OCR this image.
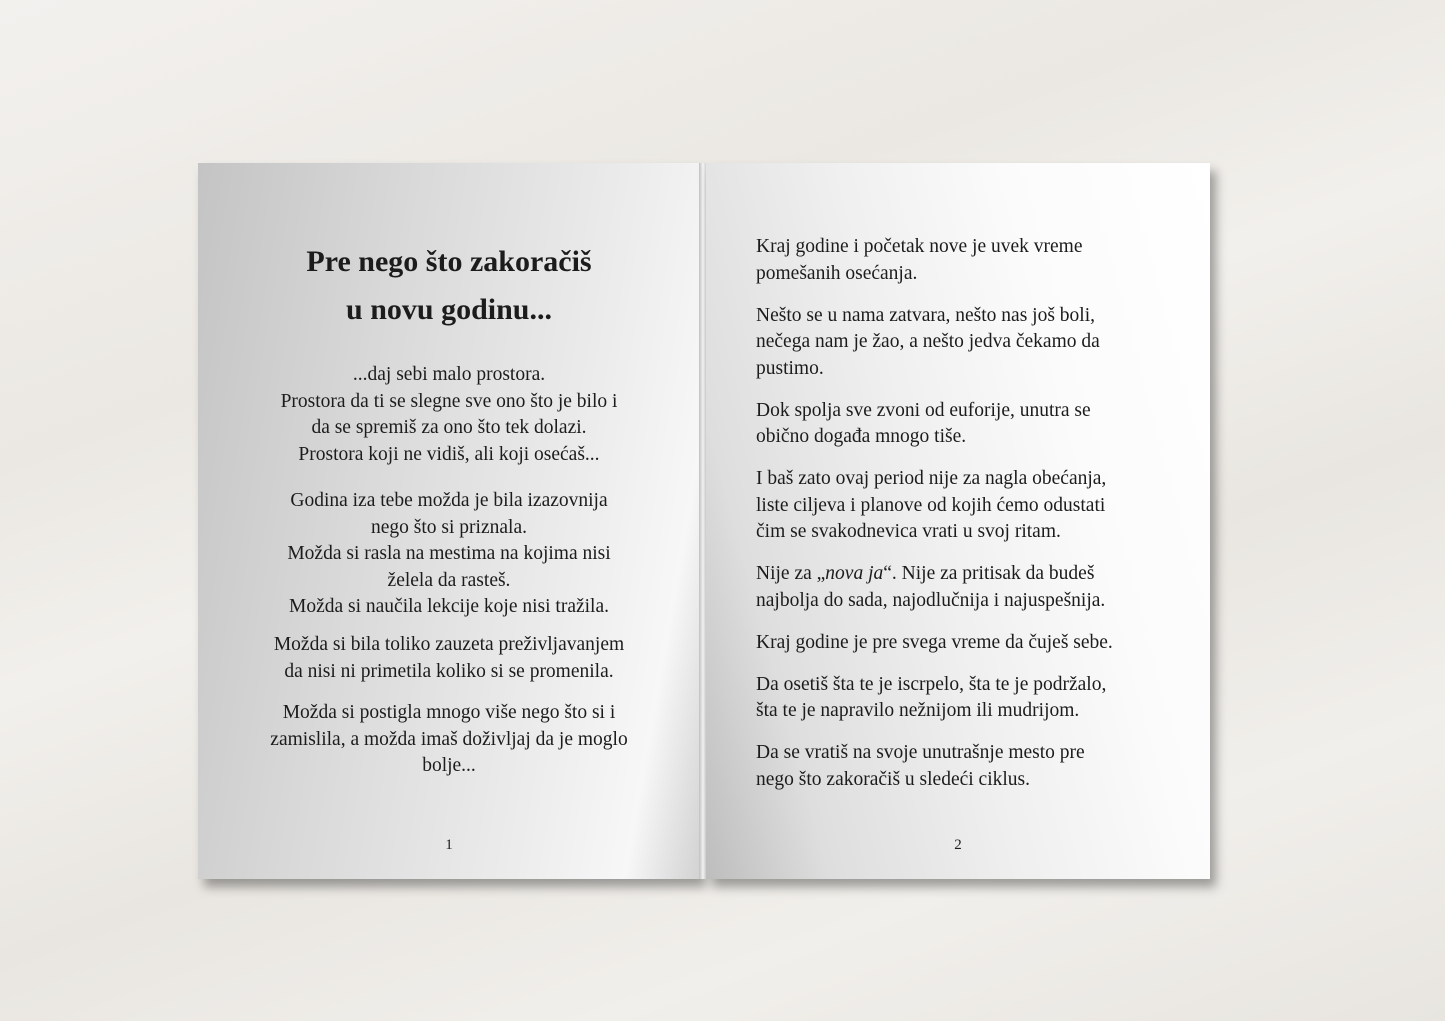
Pre nego što zakoračiš
u novu godinu...
...daj sebi malo prostora.
Prostora da ti se slegne sve ono što je bilo i
da se spremiš za ono što tek dolazi.
Prostora koji ne vidiš, ali koji osećaš...
Godina iza tebe možda je bila izazovnija
nego što si priznala.
Možda si rasla na mestima na kojima nisi
želela da rasteš.
Možda si naučila lekcije koje nisi tražila.
Možda si bila toliko zauzeta preživljavanjem
da nisi ni primetila koliko si se promenila.
Možda si postigla mnogo više nego što si i
zamislila, a možda imaš doživljaj da je moglo
bolje...
1
Kraj godine i početak nove je uvek vreme
pomešanih osećanja.
Nešto se u nama zatvara, nešto nas još boli,
nečega nam je žao, a nešto jedva čekamo da
pustimo.
Dok spolja sve zvoni od euforije, unutra se
obično događa mnogo tiše.
I baš zato ovaj period nije za nagla obećanja,
liste ciljeva i planove od kojih ćemo odustati
čim se svakodnevica vrati u svoj ritam.
Nije za „nova ja“. Nije za pritisak da budeš
najbolja do sada, najodlučnija i najuspešnija.
Kraj godine je pre svega vreme da čuješ sebe.
Da osetiš šta te je iscrpelo, šta te je podržalo,
šta te je napravilo nežnijom ili mudrijom.
Da se vratiš na svoje unutrašnje mesto pre
nego što zakoračiš u sledeći ciklus.
2
